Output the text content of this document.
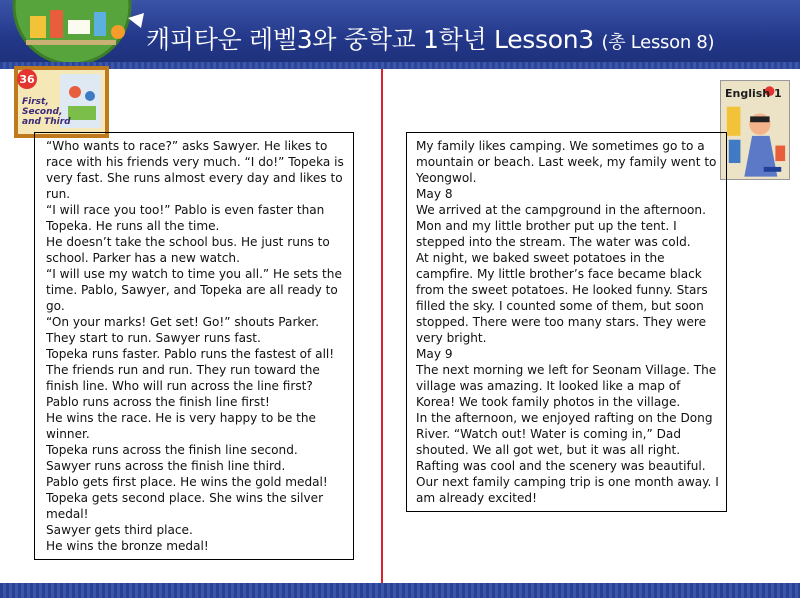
캐피타운 레벨3와 중학교 1학년 Lesson3 (총 Lesson 8)
36
First,
Second,
and Third
English 1

“Who wants to race?” asks Sawyer. He likes to race with his friends very much. “I do!” Topeka is very fast. She runs almost every day and likes to run.

“I will race you too!” Pablo is even faster than Topeka. He runs all the time.

He doesn’t take the school bus. He just runs to school. Parker has a new watch.

“I will use my watch to time you all.” He sets the time. Pablo, Sawyer, and Topeka are all ready to go.

“On your marks! Get set! Go!” shouts Parker. They start to run. Sawyer runs fast.

Topeka runs faster. Pablo runs the fastest of all! The friends run and run. They run toward the finish line. Who will run across the line first?

Pablo runs across the finish line first!

He wins the race. He is very happy to be the winner.

Topeka runs across the finish line second.

Sawyer runs across the finish line third.

Pablo gets first place. He wins the gold medal!

Topeka gets second place. She wins the silver medal!

Sawyer gets third place.

He wins the bronze medal!

My family likes camping. We sometimes go to a mountain or beach. Last week, my family went to Yeongwol.

May 8

We arrived at the campground in the afternoon. Mon and my little brother put up the tent. I stepped into the stream. The water was cold.

At night, we baked sweet potatoes in the campfire. My little brother’s face became black from the sweet potatoes. He looked funny. Stars filled the sky. I counted some of them, but soon stopped. There were too many stars. They were very bright.

May 9

The next morning we left for Seonam Village. The village was amazing. It looked like a map of Korea! We took family photos in the village.

In the afternoon, we enjoyed rafting on the Dong River. “Watch out! Water is coming in,” Dad shouted. We all got wet, but it was all right. Rafting was cool and the scenery was beautiful. Our next family camping trip is one month away. I am already excited!
